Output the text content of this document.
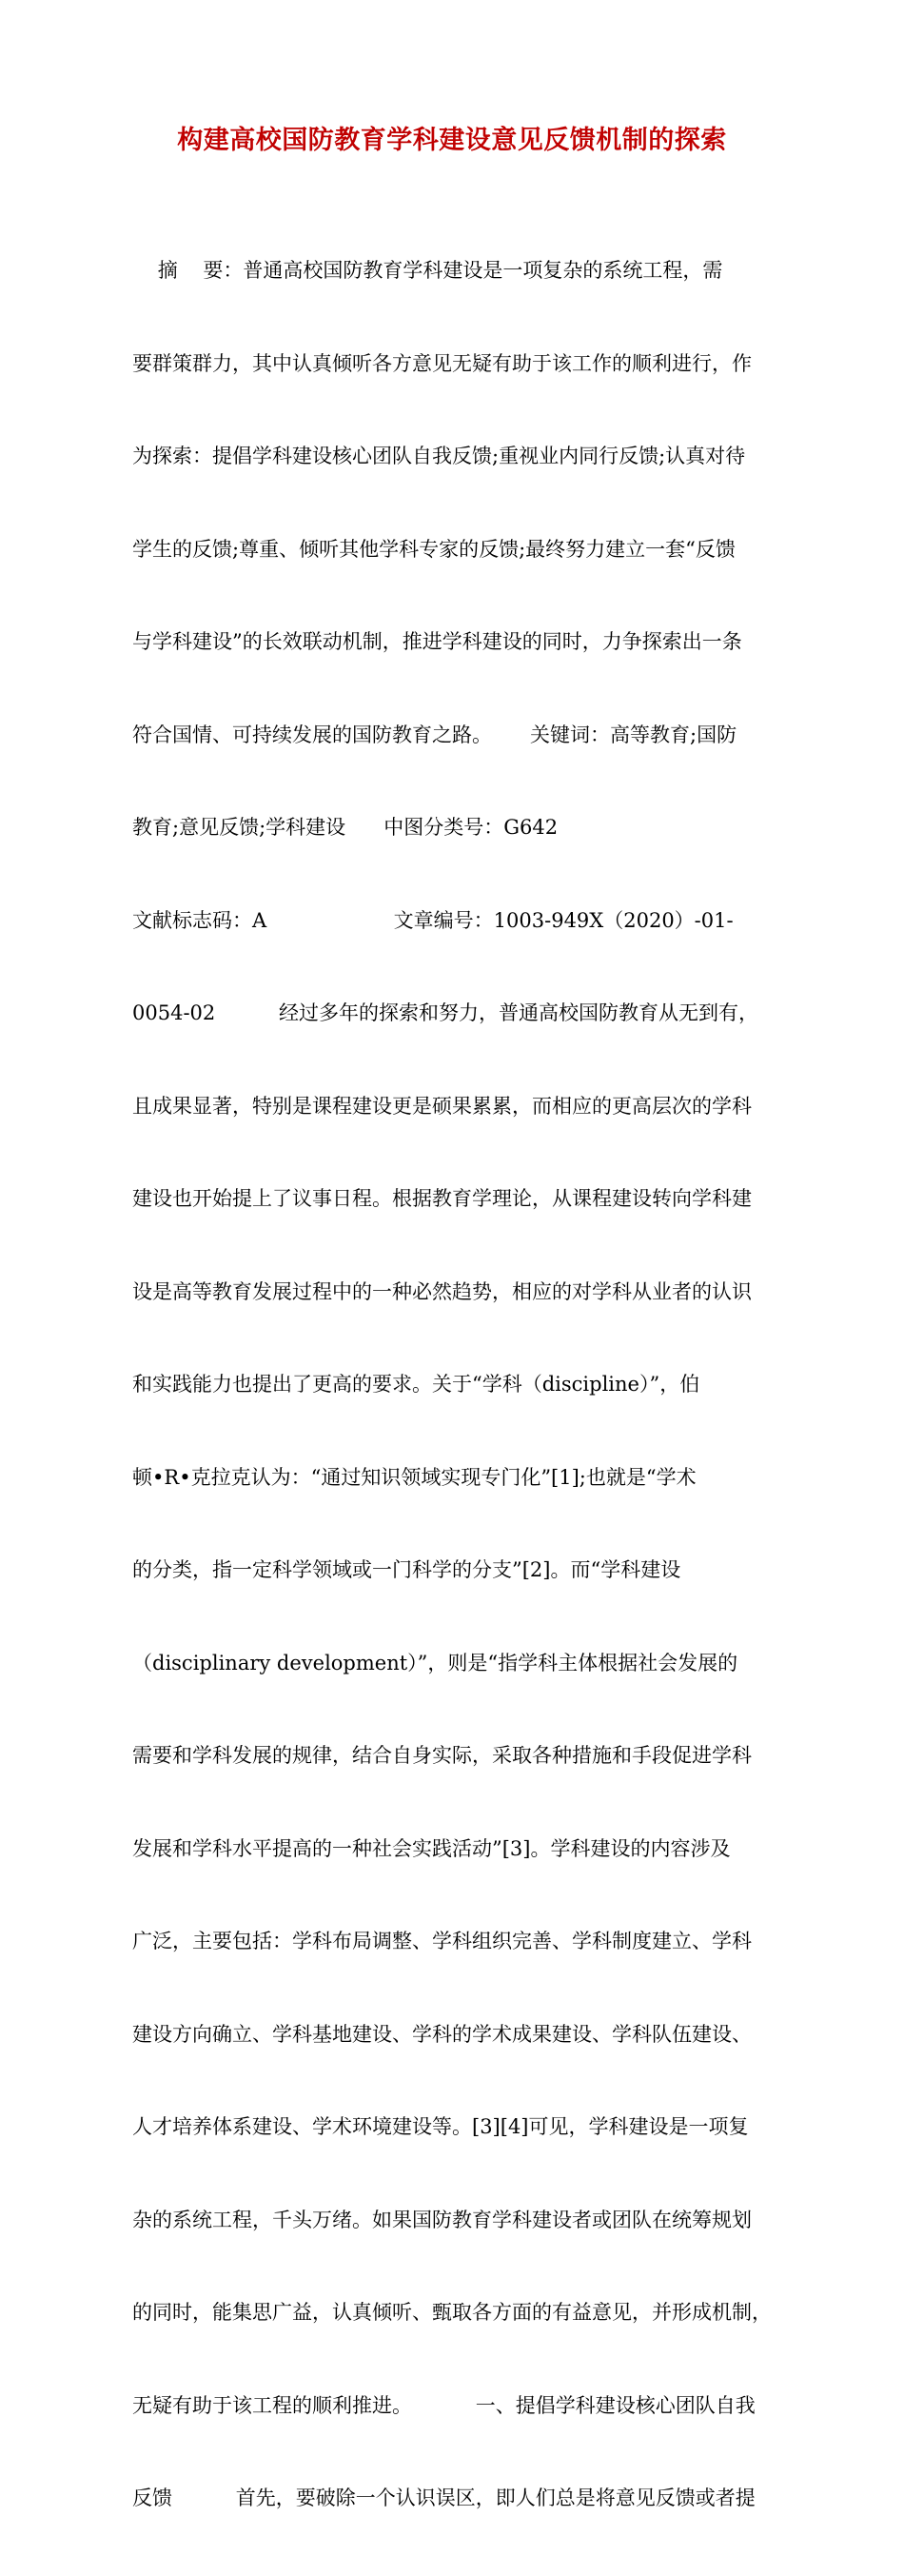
构建高校国防教育学科建设意见反馈机制的探索

摘    要：普通高校国防教育学科建设是一项复杂的系统工程，需

要群策群力，其中认真倾听各方意见无疑有助于该工作的顺利进行，作

为探索：提倡学科建设核心团队自我反馈;重视业内同行反馈;认真对待

学生的反馈;尊重、倾听其他学科专家的反馈;最终努力建立一套“反馈

与学科建设”的长效联动机制，推进学科建设的同时，力争探索出一条

符合国情、可持续发展的国防教育之路。      关键词：高等教育;国防

教育;意见反馈;学科建设      中图分类号：G642

文献标志码：A                    文章编号：1003-949X（2020）-01-

0054-02          经过多年的探索和努力，普通高校国防教育从无到有，

且成果显著，特别是课程建设更是硕果累累，而相应的更高层次的学科

建设也开始提上了议事日程。根据教育学理论，从课程建设转向学科建

设是高等教育发展过程中的一种必然趋势，相应的对学科从业者的认识

和实践能力也提出了更高的要求。关于“学科（discipline）”，伯

顿•R•克拉克认为：“通过知识领域实现专门化”[1];也就是“学术

的分类，指一定科学领域或一门科学的分支”[2]。而“学科建设

（disciplinary development）”，则是“指学科主体根据社会发展的

需要和学科发展的规律，结合自身实际，采取各种措施和手段促进学科

发展和学科水平提高的一种社会实践活动”[3]。学科建设的内容涉及

广泛，主要包括：学科布局调整、学科组织完善、学科制度建立、学科

建设方向确立、学科基地建设、学科的学术成果建设、学科队伍建设、

人才培养体系建设、学术环境建设等。[3][4]可见，学科建设是一项复

杂的系统工程，千头万绪。如果国防教育学科建设者或团队在统筹规划

的同时，能集思广益，认真倾听、甄取各方面的有益意见，并形成机制，

无疑有助于该工程的顺利推进。          一、提倡学科建设核心团队自我

反馈          首先，要破除一个认识误区，即人们总是将意见反馈或者提
